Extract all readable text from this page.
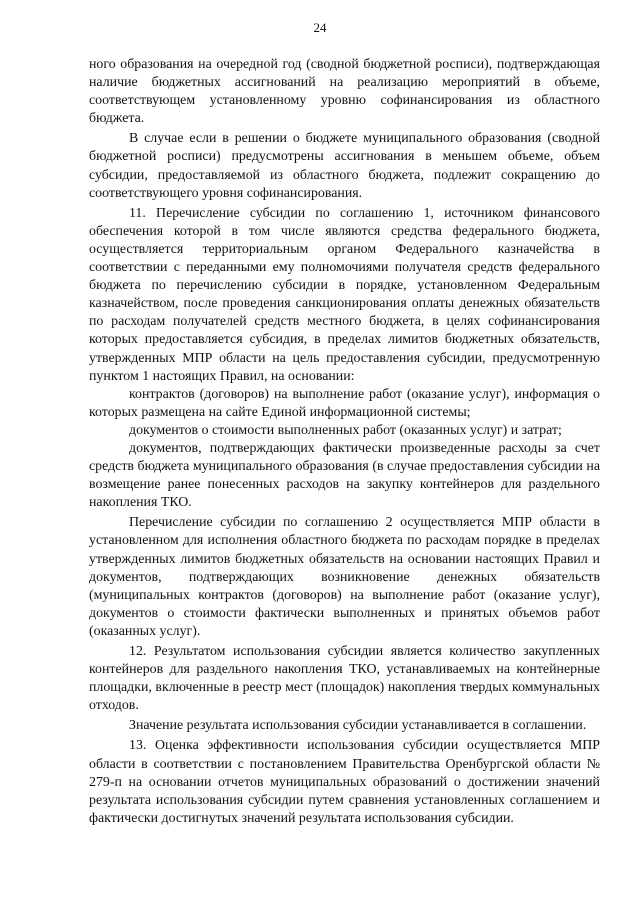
24

ного образования на очередной год (сводной бюджетной росписи), подтверждающая наличие бюджетных ассигнований на реализацию мероприятий в объеме, соответствующем установленному уровню софинансирования из областного бюджета.

В случае если в решении о бюджете муниципального образования (сводной бюджетной росписи) предусмотрены ассигнования в меньшем объеме, объем субсидии, предоставляемой из областного бюджета, подлежит сокращению до соответствующего уровня софинансирования.

11. Перечисление субсидии по соглашению 1, источником финансового обеспечения которой в том числе являются средства федерального бюджета, осуществляется территориальным органом Федерального казначейства в соответствии с переданными ему полномочиями получателя средств федерального бюджета по перечислению субсидии в порядке, установленном Федеральным казначейством, после проведения санкционирования оплаты денежных обязательств по расходам получателей средств местного бюджета, в целях софинансирования которых предоставляется субсидия, в пределах лимитов бюджетных обязательств, утвержденных МПР области на цель предоставления субсидии, предусмотренную пунктом 1 настоящих Правил, на основании:

контрактов (договоров) на выполнение работ (оказание услуг), информация о которых размещена на сайте Единой информационной системы;

документов о стоимости выполненных работ (оказанных услуг) и затрат;

документов, подтверждающих фактически произведенные расходы за счет средств бюджета муниципального образования (в случае предоставления субсидии на возмещение ранее понесенных расходов на закупку контейнеров для раздельного накопления ТКО.

Перечисление субсидии по соглашению 2 осуществляется МПР области в установленном для исполнения областного бюджета по расходам порядке в пределах утвержденных лимитов бюджетных обязательств на основании настоящих Правил и документов, подтверждающих возникновение денежных обязательств (муниципальных контрактов (договоров) на выполнение работ (оказание услуг), документов о стоимости фактически выполненных и принятых объемов работ (оказанных услуг).

12. Результатом использования субсидии является количество закупленных контейнеров для раздельного накопления ТКО, устанавливаемых на контейнерные площадки, включенные в реестр мест (площадок) накопления твердых коммунальных отходов.

Значение результата использования субсидии устанавливается в соглашении.

13. Оценка эффективности использования субсидии осуществляется МПР области в соответствии с постановлением Правительства Оренбургской области № 279-п на основании отчетов муниципальных образований о достижении значений результата использования субсидии путем сравнения установленных соглашением и фактически достигнутых значений результата использования субсидии.
